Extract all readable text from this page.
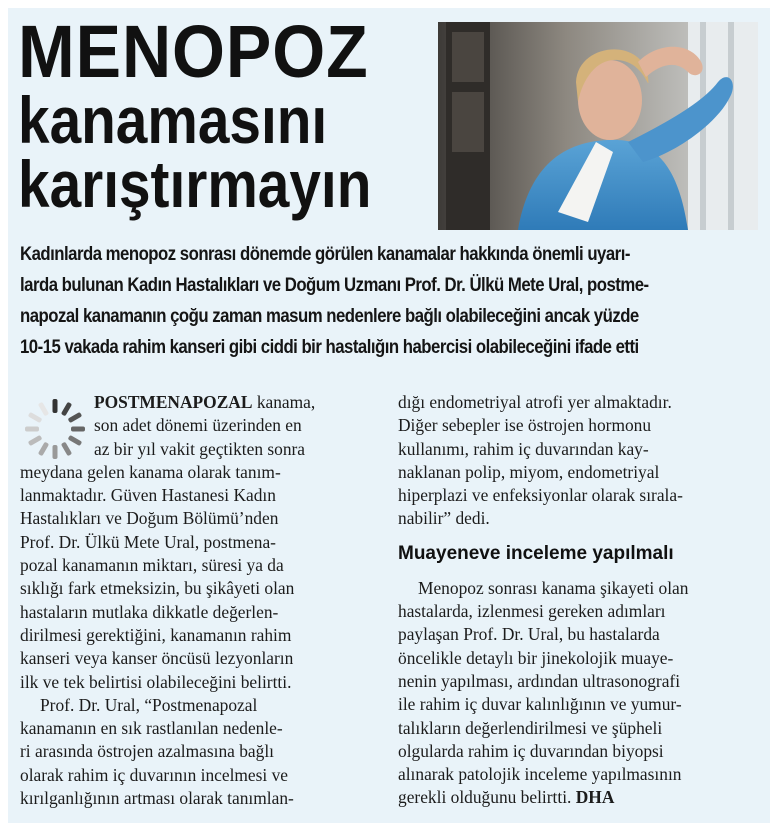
MENOPOZ
kanamasını
karıştırmayın
Kadınlarda menopoz sonrası dönemde görülen kanamalar hakkında önemli uyarı-
larda bulunan Kadın Hastalıkları ve Doğum Uzmanı Prof. Dr. Ülkü Mete Ural, postme-
napozal kanamanın çoğu zaman masum nedenlere bağlı olabileceğini ancak yüzde
10-15 vakada rahim kanseri gibi ciddi bir hastalığın habercisi olabileceğini ifade etti
POSTMENAPOZAL kanama,
son adet dönemi üzerinden en
az bir yıl vakit geçtikten sonra
meydana gelen kanama olarak tanım-
lanmaktadır. Güven Hastanesi Kadın
Hastalıkları ve Doğum Bölümü’nden
Prof. Dr. Ülkü Mete Ural, postmena-
pozal kanamanın miktarı, süresi ya da
sıklığı fark etmeksizin, bu şikâyeti olan
hastaların mutlaka dikkatle değerlen-
dirilmesi gerektiğini, kanamanın rahim
kanseri veya kanser öncüsü lezyonların
ilk ve tek belirtisi olabileceğini belirtti.
Prof. Dr. Ural, “Postmenapozal
kanamanın en sık rastlanılan nedenle-
ri arasında östrojen azalmasına bağlı
olarak rahim iç duvarının incelmesi ve
kırılganlığının artması olarak tanımlan-
dığı endometriyal atrofi yer almaktadır.
Diğer sebepler ise östrojen hormonu
kullanımı, rahim iç duvarından kay-
naklanan polip, miyom, endometriyal
hiperplazi ve enfeksiyonlar olarak sırala-
nabilir” dedi.
Muayeneve inceleme yapılmalı
Menopoz sonrası kanama şikayeti olan
hastalarda, izlenmesi gereken adımları
paylaşan Prof. Dr. Ural, bu hastalarda
öncelikle detaylı bir jinekolojik muaye-
nenin yapılması, ardından ultrasonografi
ile rahim iç duvar kalınlığının ve yumur-
talıkların değerlendirilmesi ve şüpheli
olgularda rahim iç duvarından biyopsi
alınarak patolojik inceleme yapılmasının
gerekli olduğunu belirtti. DHA
